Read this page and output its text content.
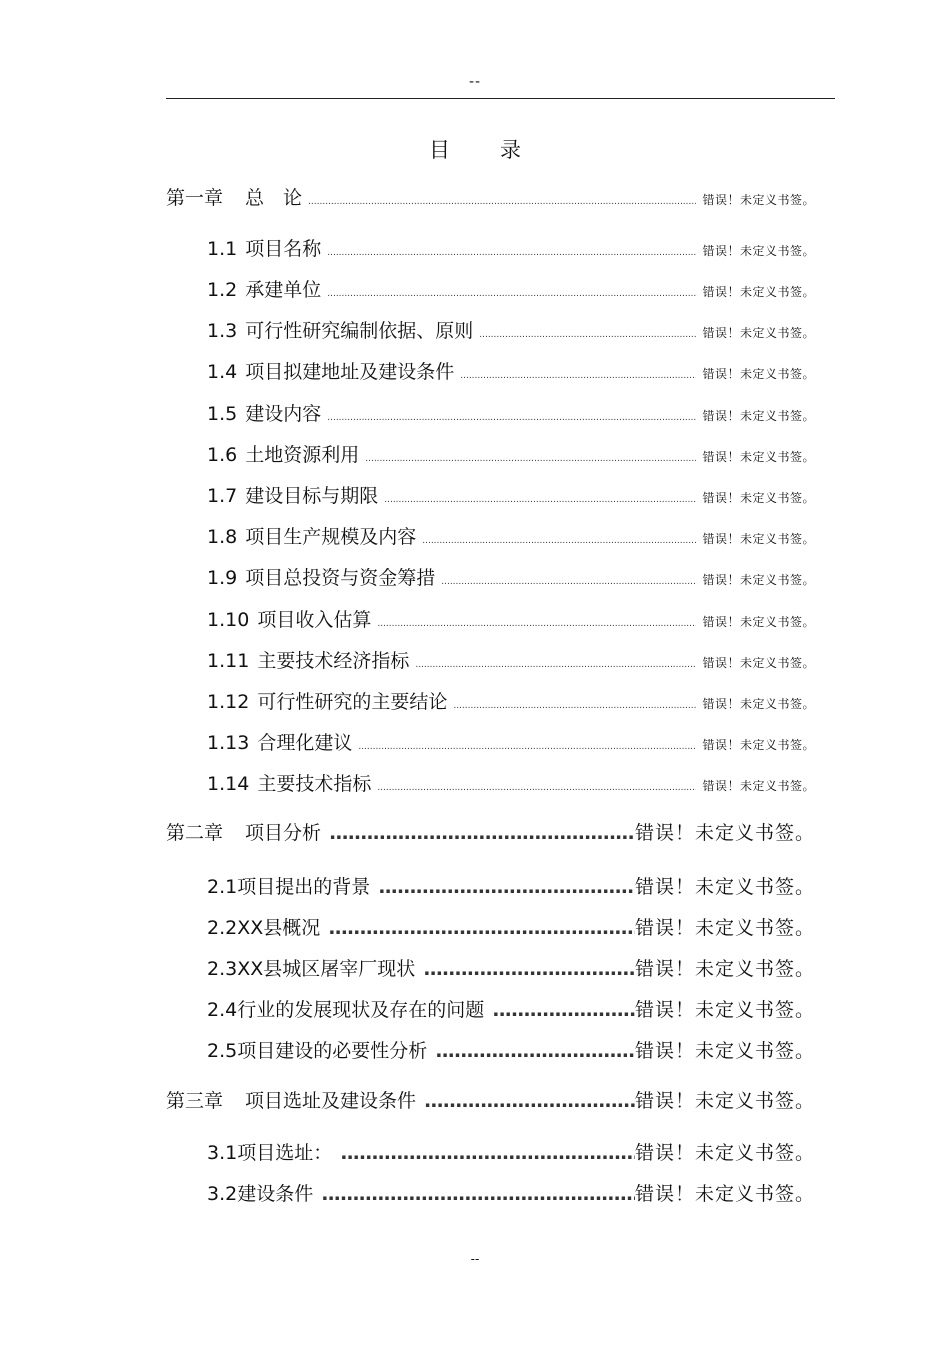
--
目 录
第一章 总　论 .....	错误！未定义书签。
1.1 项目名称 .....	错误！未定义书签。
1.2 承建单位 .....	错误！未定义书签。
1.3 可行性研究编制依据、原则 .....	错误！未定义书签。
1.4 项目拟建地址及建设条件 .....	错误！未定义书签。
1.5 建设内容 .....	错误！未定义书签。
1.6 土地资源利用 .....	错误！未定义书签。
1.7 建设目标与期限 .....	错误！未定义书签。
1.8 项目生产规模及内容 .....	错误！未定义书签。
1.9 项目总投资与资金筹措 .....	错误！未定义书签。
1.10 项目收入估算 .....	错误！未定义书签。
1.11 主要技术经济指标 .....	错误！未定义书签。
1.12 可行性研究的主要结论 .....	错误！未定义书签。
1.13 合理化建议 .....	错误！未定义书签。
1.14 主要技术指标 .....	错误！未定义书签。
第二章 项目分析 .....	错误！未定义书签。
2.1 项目提出的背景 .....	错误！未定义书签。
2.2 XX县概况 .....	错误！未定义书签。
2.3 XX县城区屠宰厂现状 .....	错误！未定义书签。
2.4 行业的发展现状及存在的问题 .....	错误！未定义书签。
2.5 项目建设的必要性分析 .....	错误！未定义书签。
第三章 项目选址及建设条件 .....	错误！未定义书签。
3.1 项目选址： .....	错误！未定义书签。
3.2 建设条件 .....	错误！未定义书签。
--
